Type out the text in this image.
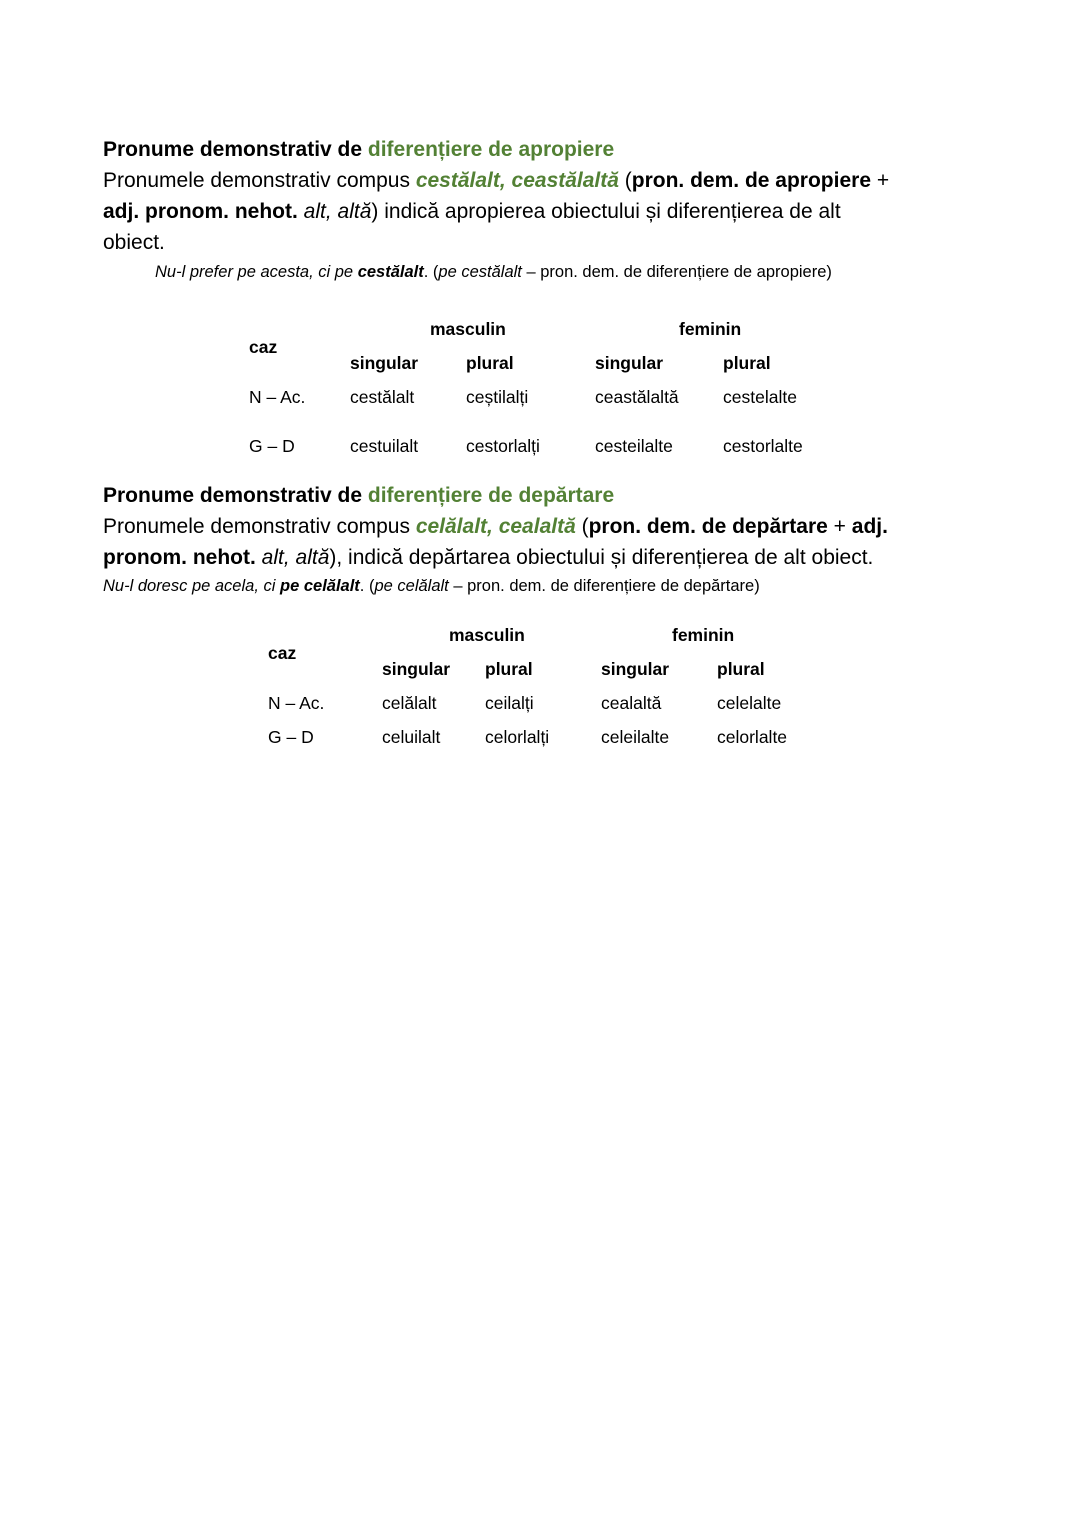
Pronume demonstrativ de diferențiere de apropiere
Pronumele demonstrativ compus cestălalt, ceastălaltă (pron. dem. de apropiere +
adj. pronom. nehot. alt, altă) indică apropierea obiectului și diferențierea de alt
obiect.
Nu-l prefer pe acesta, ci pe cestălalt. (pe cestălalt – pron. dem. de diferențiere de apropiere)
caz
masculin	feminin
singular	plural	singular	plural
N – Ac.	cestălalt	ceștilalți	ceastălaltă	cestelalte
G – D	cestuilalt	cestorlalți	cesteilalte	cestorlalte
Pronume demonstrativ de diferențiere de depărtare
Pronumele demonstrativ compus celălalt, cealaltă (pron. dem. de depărtare + adj.
pronom. nehot. alt, altă), indică depărtarea obiectului și diferențierea de alt obiect.
Nu-l doresc pe acela, ci pe celălalt. (pe celălalt – pron. dem. de diferențiere de depărtare)
caz
masculin	feminin
singular plural	singular	plural
N – Ac.	celălalt	ceilalți	cealaltă	celelalte
G – D	celuilalt	celorlalți	celeilalte	celorlalte
